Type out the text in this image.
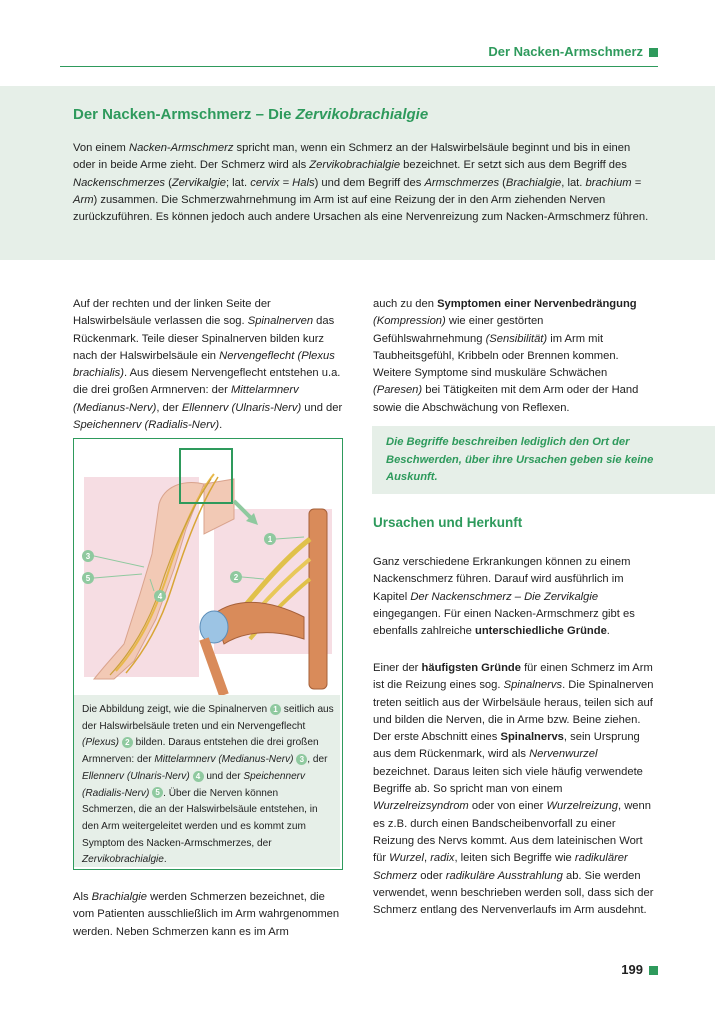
Der Nacken-Armschmerz
Der Nacken-Armschmerz – Die Zervikobrachialgie

Von einem Nacken-Armschmerz spricht man, wenn ein Schmerz an der Halswirbelsäule beginnt und bis in einen oder in beide Arme zieht. Der Schmerz wird als Zervikobrachialgie bezeichnet. Er setzt sich aus dem Begriff des Nackenschmerzes (Zervikalgie; lat. cervix = Hals) und dem Begriff des Armschmerzes (Brachialgie, lat. brachium = Arm) zusammen. Die Schmerzwahrnehmung im Arm ist auf eine Reizung der in den Arm ziehenden Nerven zurückzuführen. Es können jedoch auch andere Ursachen als eine Nervenreizung zum Nacken-Armschmerz führen.

Auf der rechten und der linken Seite der Halswirbelsäule verlassen die sog. Spinalnerven das Rückenmark. Teile dieser Spinalnerven bilden kurz nach der Halswirbelsäule ein Nervengeflecht (Plexus brachialis). Aus diesem Nervengeflecht entstehen u.a. die drei großen Armnerven: der Mittelarmnerv (Medianus-Nerv), der Ellennerv (Ulnaris-Nerv) und der Speichennerv (Radialis-Nerv).

1
2
3
4
5

Die Abbildung zeigt, wie die Spinalnerven 1 seitlich aus der Halswirbelsäule treten und ein Nervengeflecht (Plexus) 2 bilden. Daraus entstehen die drei großen Armnerven: der Mittelarmnerv (Medianus-Nerv) 3 , der Ellennerv (Ulnaris-Nerv) 4 und der Speichennerv (Radialis-Nerv) 5 . Über die Nerven können Schmerzen, die an der Halswirbelsäule entstehen, in den Arm weitergeleitet werden und es kommt zum Symptom des Nacken-Armschmerzes, der Zervikobrachialgie.

Als Brachialgie werden Schmerzen bezeichnet, die vom Patienten ausschließlich im Arm wahrgenommen werden. Neben Schmerzen kann es im Arm

auch zu den Symptomen einer Nervenbedrängung (Kompression) wie einer gestörten Gefühlswahrnehmung (Sensibilität) im Arm mit Taubheitsgefühl, Kribbeln oder Brennen kommen. Weitere Symptome sind muskuläre Schwächen (Paresen) bei Tätigkeiten mit dem Arm oder der Hand sowie die Abschwächung von Reflexen.

Die Begriffe beschreiben lediglich den Ort der Beschwerden, über ihre Ursachen geben sie keine Auskunft.

Ursachen und Herkunft

Ganz verschiedene Erkrankungen können zu einem Nackenschmerz führen. Darauf wird ausführlich im Kapitel Der Nackenschmerz – Die Zervikalgie eingegangen. Für einen Nacken-Armschmerz gibt es ebenfalls zahlreiche unterschiedliche Gründe.

Einer der häufigsten Gründe für einen Schmerz im Arm ist die Reizung eines sog. Spinalnervs. Die Spinalnerven treten seitlich aus der Wirbelsäule heraus, teilen sich auf und bilden die Nerven, die in Arme bzw. Beine ziehen. Der erste Abschnitt eines Spinalnervs, sein Ursprung aus dem Rückenmark, wird als Nervenwurzel bezeichnet. Daraus leiten sich viele häufig verwendete Begriffe ab. So spricht man von einem Wurzelreizsyndrom oder von einer Wurzelreizung, wenn es z.B. durch einen Bandscheibenvorfall zu einer Reizung des Nervs kommt. Aus dem lateinischen Wort für Wurzel, radix, leiten sich Begriffe wie radikulärer Schmerz oder radikuläre Ausstrahlung ab. Sie werden verwendet, wenn beschrieben werden soll, dass sich der Schmerz entlang des Nervenverlaufs im Arm ausdehnt.

199
